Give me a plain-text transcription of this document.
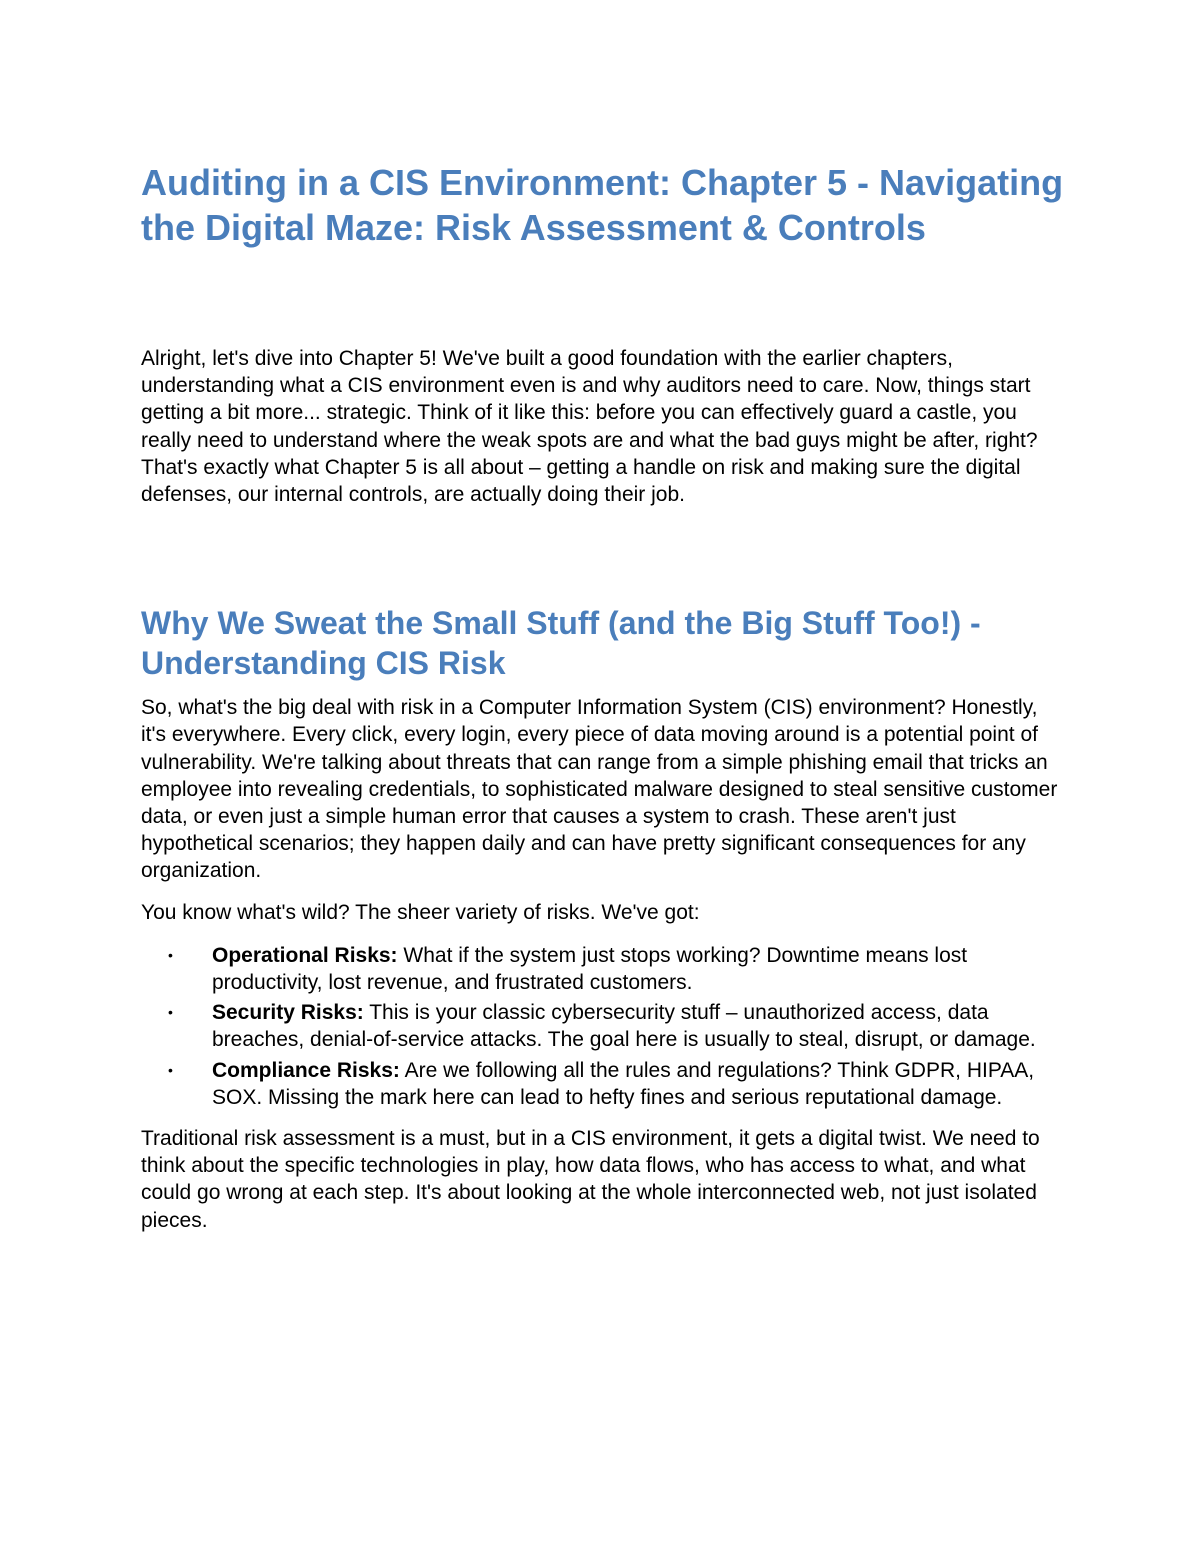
Auditing in a CIS Environment: Chapter 5 - Navigating the Digital Maze: Risk Assessment & Controls

Alright, let's dive into Chapter 5! We've built a good foundation with the earlier chapters, understanding what a CIS environment even is and why auditors need to care. Now, things start getting a bit more... strategic. Think of it like this: before you can effectively guard a castle, you really need to understand where the weak spots are and what the bad guys might be after, right? That's exactly what Chapter 5 is all about – getting a handle on risk and making sure the digital defenses, our internal controls, are actually doing their job.

Why We Sweat the Small Stuff (and the Big Stuff Too!) - Understanding CIS Risk

So, what's the big deal with risk in a Computer Information System (CIS) environment? Honestly, it's everywhere. Every click, every login, every piece of data moving around is a potential point of vulnerability. We're talking about threats that can range from a simple phishing email that tricks an employee into revealing credentials, to sophisticated malware designed to steal sensitive customer data, or even just a simple human error that causes a system to crash. These aren't just hypothetical scenarios; they happen daily and can have pretty significant consequences for any organization.

You know what's wild? The sheer variety of risks. We've got:

• Operational Risks: What if the system just stops working? Downtime means lost productivity, lost revenue, and frustrated customers.
• Security Risks: This is your classic cybersecurity stuff – unauthorized access, data breaches, denial-of-service attacks. The goal here is usually to steal, disrupt, or damage.
• Compliance Risks: Are we following all the rules and regulations? Think GDPR, HIPAA, SOX. Missing the mark here can lead to hefty fines and serious reputational damage.

Traditional risk assessment is a must, but in a CIS environment, it gets a digital twist. We need to think about the specific technologies in play, how data flows, who has access to what, and what could go wrong at each step. It's about looking at the whole interconnected web, not just isolated pieces.
